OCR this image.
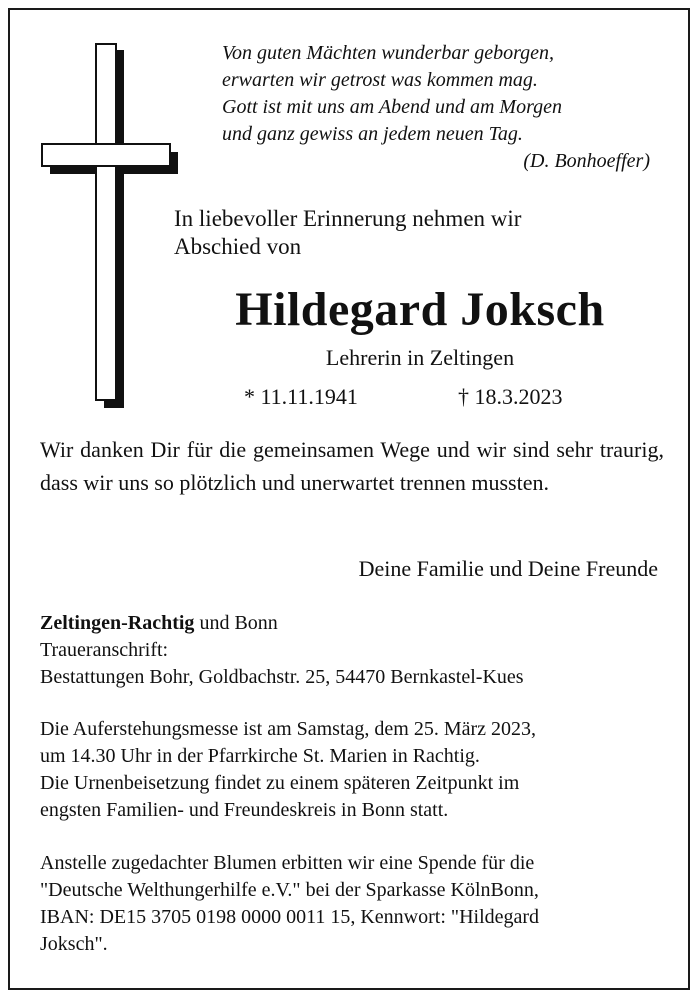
Von guten Mächten wunderbar geborgen,
erwarten wir getrost was kommen mag.
Gott ist mit uns am Abend und am Morgen
und ganz gewiss an jedem neuen Tag.
(D. Bonhoeffer)
In liebevoller Erinnerung nehmen wir
Abschied von
Hildegard Joksch
Lehrerin in Zeltingen
* 11.11.1941	† 18.3.2023
Wir danken Dir für die gemeinsamen Wege und wir sind sehr traurig, dass wir uns so plötzlich und unerwartet trennen mussten.
Deine Familie und Deine Freunde
Zeltingen-Rachtig und Bonn
Traueranschrift:
Bestattungen Bohr, Goldbachstr. 25, 54470 Bernkastel-Kues
Die Auferstehungsmesse ist am Samstag, dem 25. März 2023,
um 14.30 Uhr in der Pfarrkirche St. Marien in Rachtig.
Die Urnenbeisetzung findet zu einem späteren Zeitpunkt im
engsten Familien- und Freundeskreis in Bonn statt.
Anstelle zugedachter Blumen erbitten wir eine Spende für die
"Deutsche Welthungerhilfe e.V." bei der Sparkasse KölnBonn,
IBAN: DE15 3705 0198 0000 0011 15, Kennwort: "Hildegard
Joksch".
